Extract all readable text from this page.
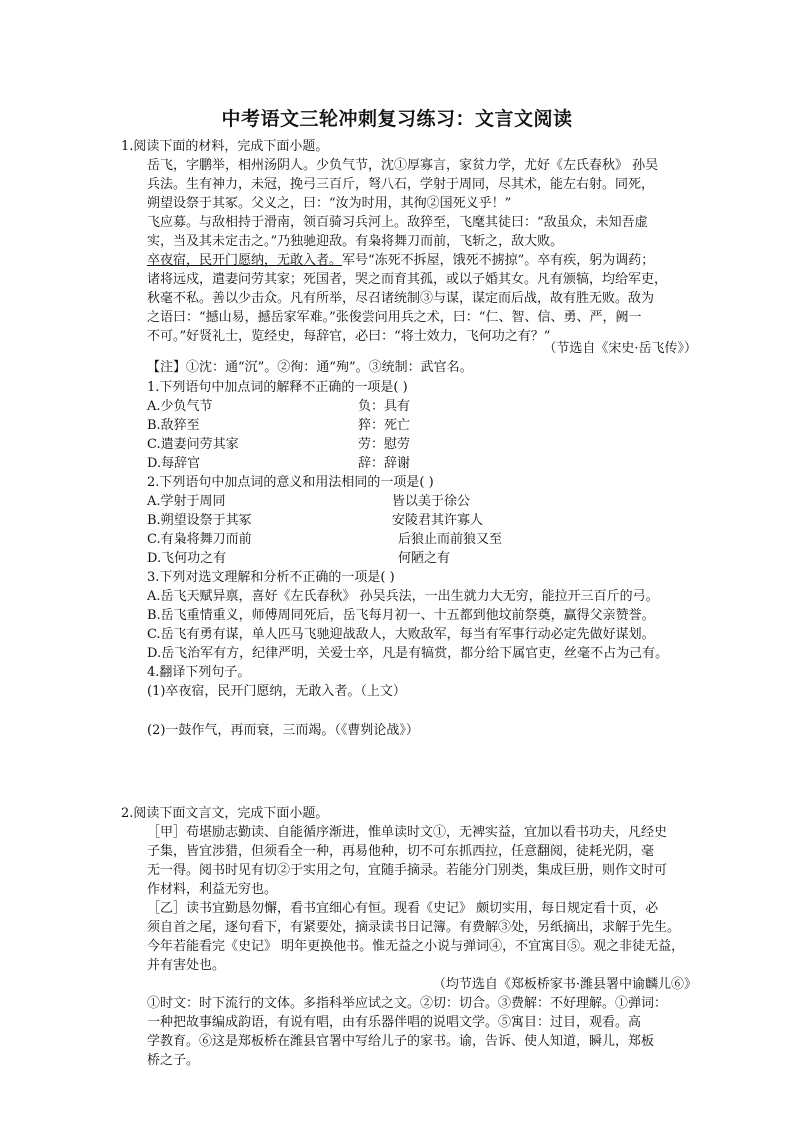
中考语文三轮冲刺复习练习：文言文阅读
1.阅读下面的材料，完成下面小题。
岳飞，字鹏举，相州汤阴人。少负气节，沈①厚寡言，家贫力学，尤好《左氏春秋》 孙吴
兵法。生有神力，未冠，挽弓三百斤，弩八石，学射于周同，尽其术，能左右射。同死，
朔望设祭于其冢。父义之，曰：“汝为时用，其徇②国死义乎！”
飞应募。与敌相持于滑南，领百骑习兵河上。敌猝至，飞麾其徒曰：“敌虽众，未知吾虚
实，当及其未定击之。”乃独驰迎敌。有枭将舞刀而前，飞斩之，敌大败。
卒夜宿，民开门愿纳，无敢入者。军号“冻死不拆屋，饿死不掳掠”。卒有疾，躬为调药；
诸将远戍，遣妻问劳其家；死国者，哭之而育其孤，或以子婚其女。凡有颁犒，均给军吏，
秋毫不私。善以少击众。凡有所举，尽召诸统制③与谋，谋定而后战，故有胜无败。敌为
之语曰：“撼山易，撼岳家军难。”张俊尝问用兵之术，曰：“仁、智、信、勇、严，阙一
不可。”好贤礼士，览经史，每辞官，必曰：“将士效力，飞何功之有？”
（节选自《宋史·岳飞传》）
【注】①沈：通“沉”。②徇：通“殉”。③统制：武官名。
1.下列语句中加点词的解释不正确的一项是( )
A.少负气节	负：具有
B.敌猝至	猝：死亡
C.遣妻问劳其家	劳：慰劳
D.每辞官	辞：辞谢
2.下列语句中加点词的意义和用法相同的一项是( )
A.学射于周同	皆以美于徐公
B.朔望设祭于其冢	安陵君其许寡人
C.有枭将舞刀而前	后狼止而前狼又至
D.飞何功之有	何陋之有
3.下列对选文理解和分析不正确的一项是( )
A.岳飞天赋异禀，喜好《左氏春秋》 孙吴兵法，一出生就力大无穷，能拉开三百斤的弓。
B.岳飞重情重义，师傅周同死后，岳飞每月初一、十五都到他坟前祭奠，赢得父亲赞誉。
C.岳飞有勇有谋，单人匹马飞驰迎战敌人，大败敌军，每当有军事行动必定先做好谋划。
D.岳飞治军有方，纪律严明，关爱士卒，凡是有犒赏，都分给下属官吏，丝毫不占为己有。
4.翻译下列句子。
(1)卒夜宿，民开门愿纳，无敢入者。（上文）
(2)一鼓作气，再而衰，三而竭。（《曹刿论战》）
2.阅读下面文言文，完成下面小题。
［甲］苟堪励志勤读、自能循序渐进，惟单读时文①，无裨实益，宜加以看书功夫，凡经史
子集，皆宜涉猎，但须看全一种，再易他种，切不可东抓西拉，任意翻阅，徒耗光阴，毫
无一得。阅书时见有切②于实用之句，宜随手摘录。若能分门别类，集成巨册，则作文时可
作材料，利益无穷也。
［乙］读书宜勤恳勿懈，看书宜细心有恒。现看《史记》 颇切实用，每日规定看十页，必
须自首之尾，逐句看下，有紧要处，摘录读书日记簿。有费解③处，另纸摘出，求解于先生。
今年若能看完《史记》 明年更换他书。惟无益之小说与弹词④，不宜寓目⑤。观之非徒无益，
并有害处也。
（均节选自《郑板桥家书·潍县署中谕麟儿⑥》
①时文：时下流行的文体。多指科举应试之文。②切：切合。③费解：不好理解。①弹词：
一种把故事编成韵语，有说有唱，由有乐器伴唱的说唱文学。⑤寓目：过目，观看。高
学教育。⑥这是郑板桥在潍县官署中写给儿子的家书。谕，告诉、使人知道，瞬儿，郑板
桥之子。
